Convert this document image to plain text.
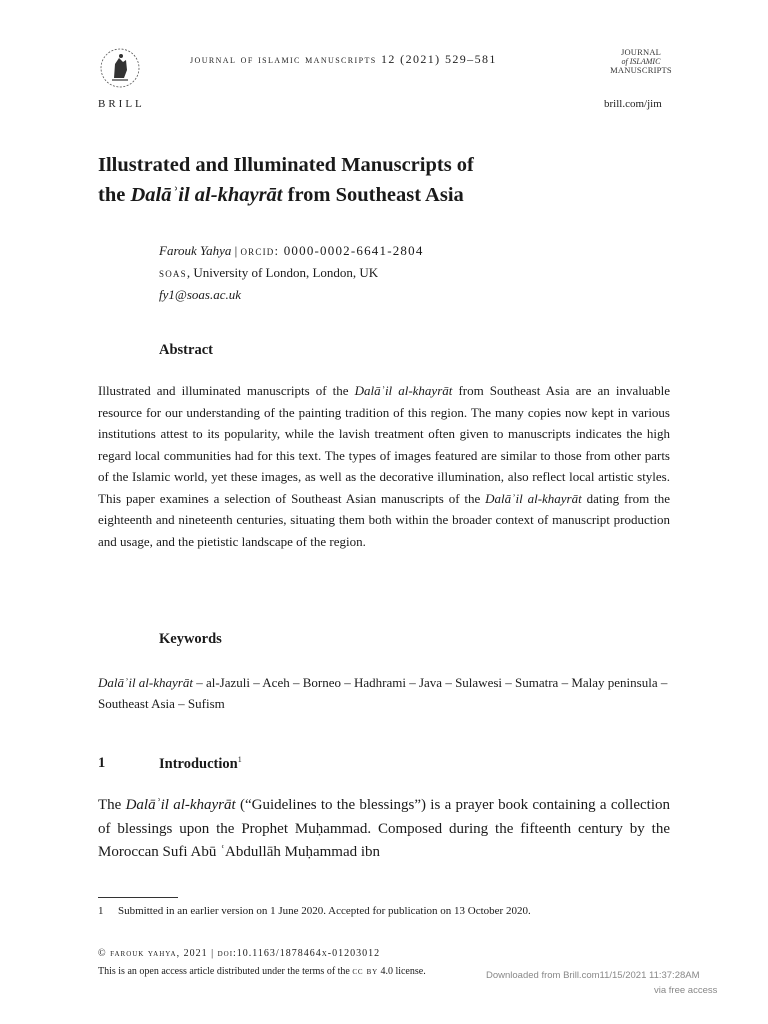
BRILL
journal of islamic manuscripts 12 (2021) 529–581	JOURNAL
of ISLAMIC
MANUSCRIPTS
brill.com/jim
Illustrated and Illuminated Manuscripts of
the Dalāʾil al-khayrāt from Southeast Asia
Farouk Yahya | orcid: 0000-0002-6641-2804
soas, University of London, London, UK
fy1@soas.ac.uk
Abstract
Illustrated and illuminated manuscripts of the Dalāʾil al-khayrāt from Southeast Asia are an invaluable resource for our understanding of the painting tradition of this region. The many copies now kept in various institutions attest to its popularity, while the lavish treatment often given to manuscripts indicates the high regard local communities had for this text. The types of images featured are similar to those from other parts of the Islamic world, yet these images, as well as the decorative illumination, also reflect local artistic styles. This paper examines a selection of Southeast Asian manuscripts of the Dalāʾil al-khayrāt dating from the eighteenth and nineteenth centuries, situating them both within the broader context of manuscript production and usage, and the pietistic landscape of the region.
Keywords
Dalāʾil al-khayrāt – al-Jazuli – Aceh – Borneo – Hadhrami – Java – Sulawesi – Sumatra – Malay peninsula – Southeast Asia – Sufism
1	Introduction$^1$
The Dalāʾil al-khayrāt (“Guidelines to the blessings”) is a prayer book containing a collection of blessings upon the Prophet Muḥammad. Composed during the fifteenth century by the Moroccan Sufi Abū ʿAbdullāh Muḥammad ibn
1 Submitted in an earlier version on 1 June 2020. Accepted for publication on 13 October 2020.
© farouk yahya, 2021 | doi:10.1163/1878464x-01203012
This is an open access article distributed under the terms of the cc by 4.0 license.	Downloaded from Brill.com11/15/2021 11:37:28AM
via free access
